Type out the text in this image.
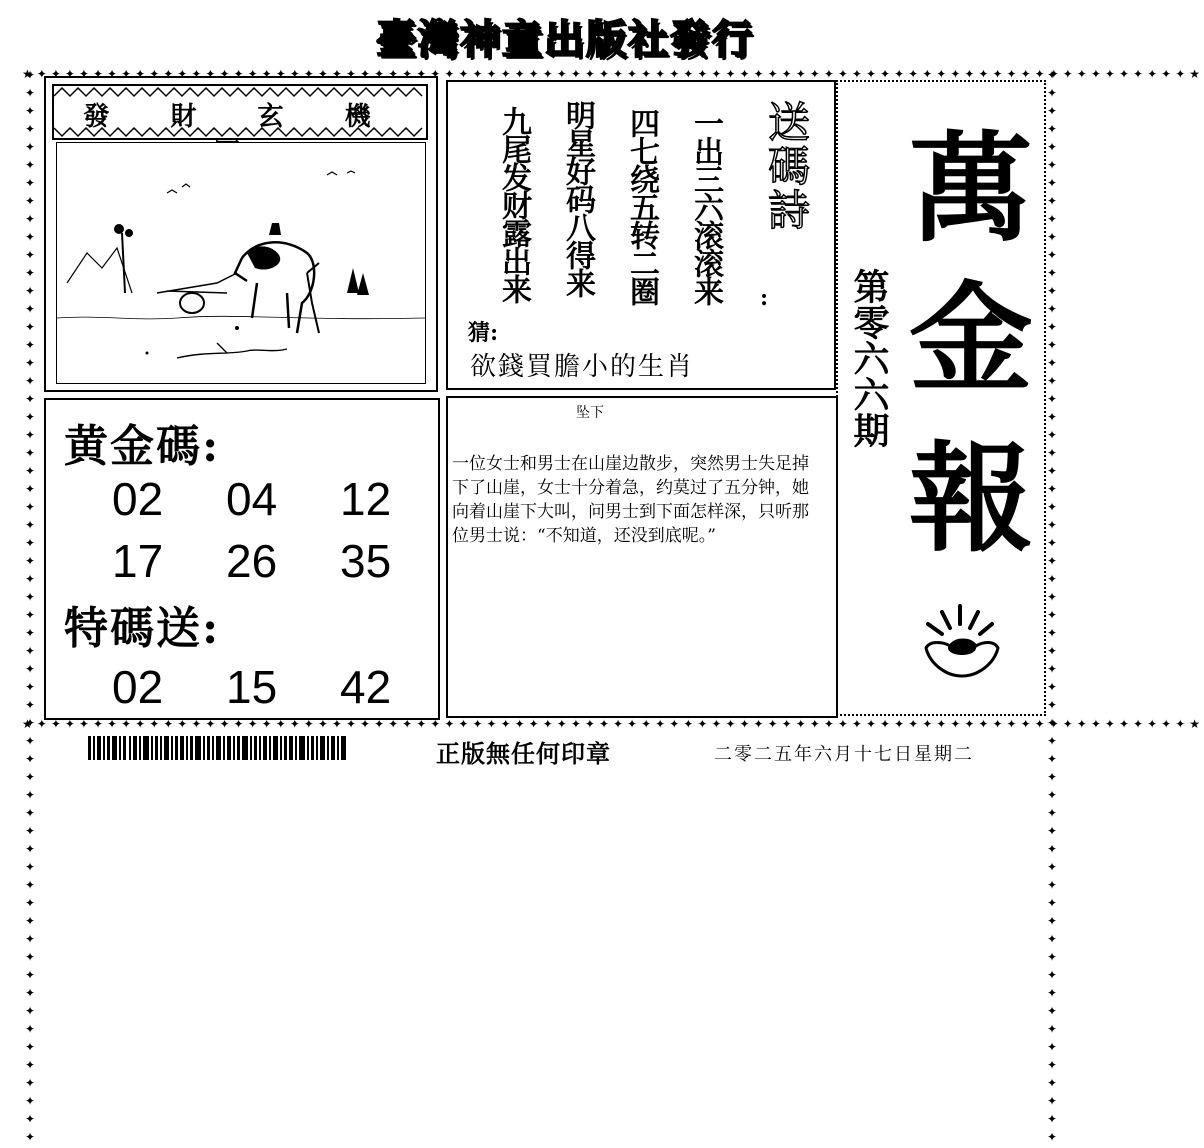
臺灣神童出版社發行
★✦✦✦✦✦✦✦✦✦✦✦✦✦✦✦✦✦✦✦✦✦✦✦✦✦✦✦✦✦✦✦✦✦✦✦✦✦✦✦✦✦✦✦✦✦✦✦✦✦✦✦✦✦✦✦✦✦✦✦✦✦✦✦✦✦✦✦✦✦✦✦✦✦✦✦✦✦✦✦✦✦✦★
★✦✦✦✦✦✦✦✦✦✦✦✦✦✦✦✦✦✦✦✦✦✦✦✦✦✦✦✦✦✦✦✦✦✦✦✦✦✦✦✦✦✦✦✦✦✦✦✦✦✦✦✦✦✦✦✦✦✦✦✦✦✦✦✦✦✦✦✦✦✦✦✦✦✦✦✦✦✦✦✦✦✦★
✦✦✦✦✦✦✦✦✦✦✦✦✦✦✦✦✦✦✦✦✦✦✦✦✦✦✦✦✦✦✦✦✦✦✦✦✦✦✦✦✦✦✦✦✦✦✦✦✦✦✦✦✦✦✦✦✦✦✦✦	✦✦✦✦✦✦✦✦✦✦✦✦✦✦✦✦✦✦✦✦✦✦✦✦✦✦✦✦✦✦✦✦✦✦✦✦✦✦✦✦✦✦✦✦✦✦✦✦✦✦✦✦✦✦✦✦✦✦✦✦
發 財 玄 機	一出三六滚滚来
四七绕五转二圈
明星好码八得来
九尾发财露出来	送碼詩
:
猜:
欲錢買膽小的生肖
萬
金
報
第零六六期
黄金碼:
02 04 12
17 26 35
特碼送:
02 15 42
坠下
一位女士和男士在山崖边散步，突然男士失足掉下了山崖，女士十分着急，约莫过了五分钟，她向着山崖下大叫，问男士到下面怎样深，只听那位男士说：“不知道，还没到底呢。”
正版無任何印章	二零二五年六月十七日星期二
